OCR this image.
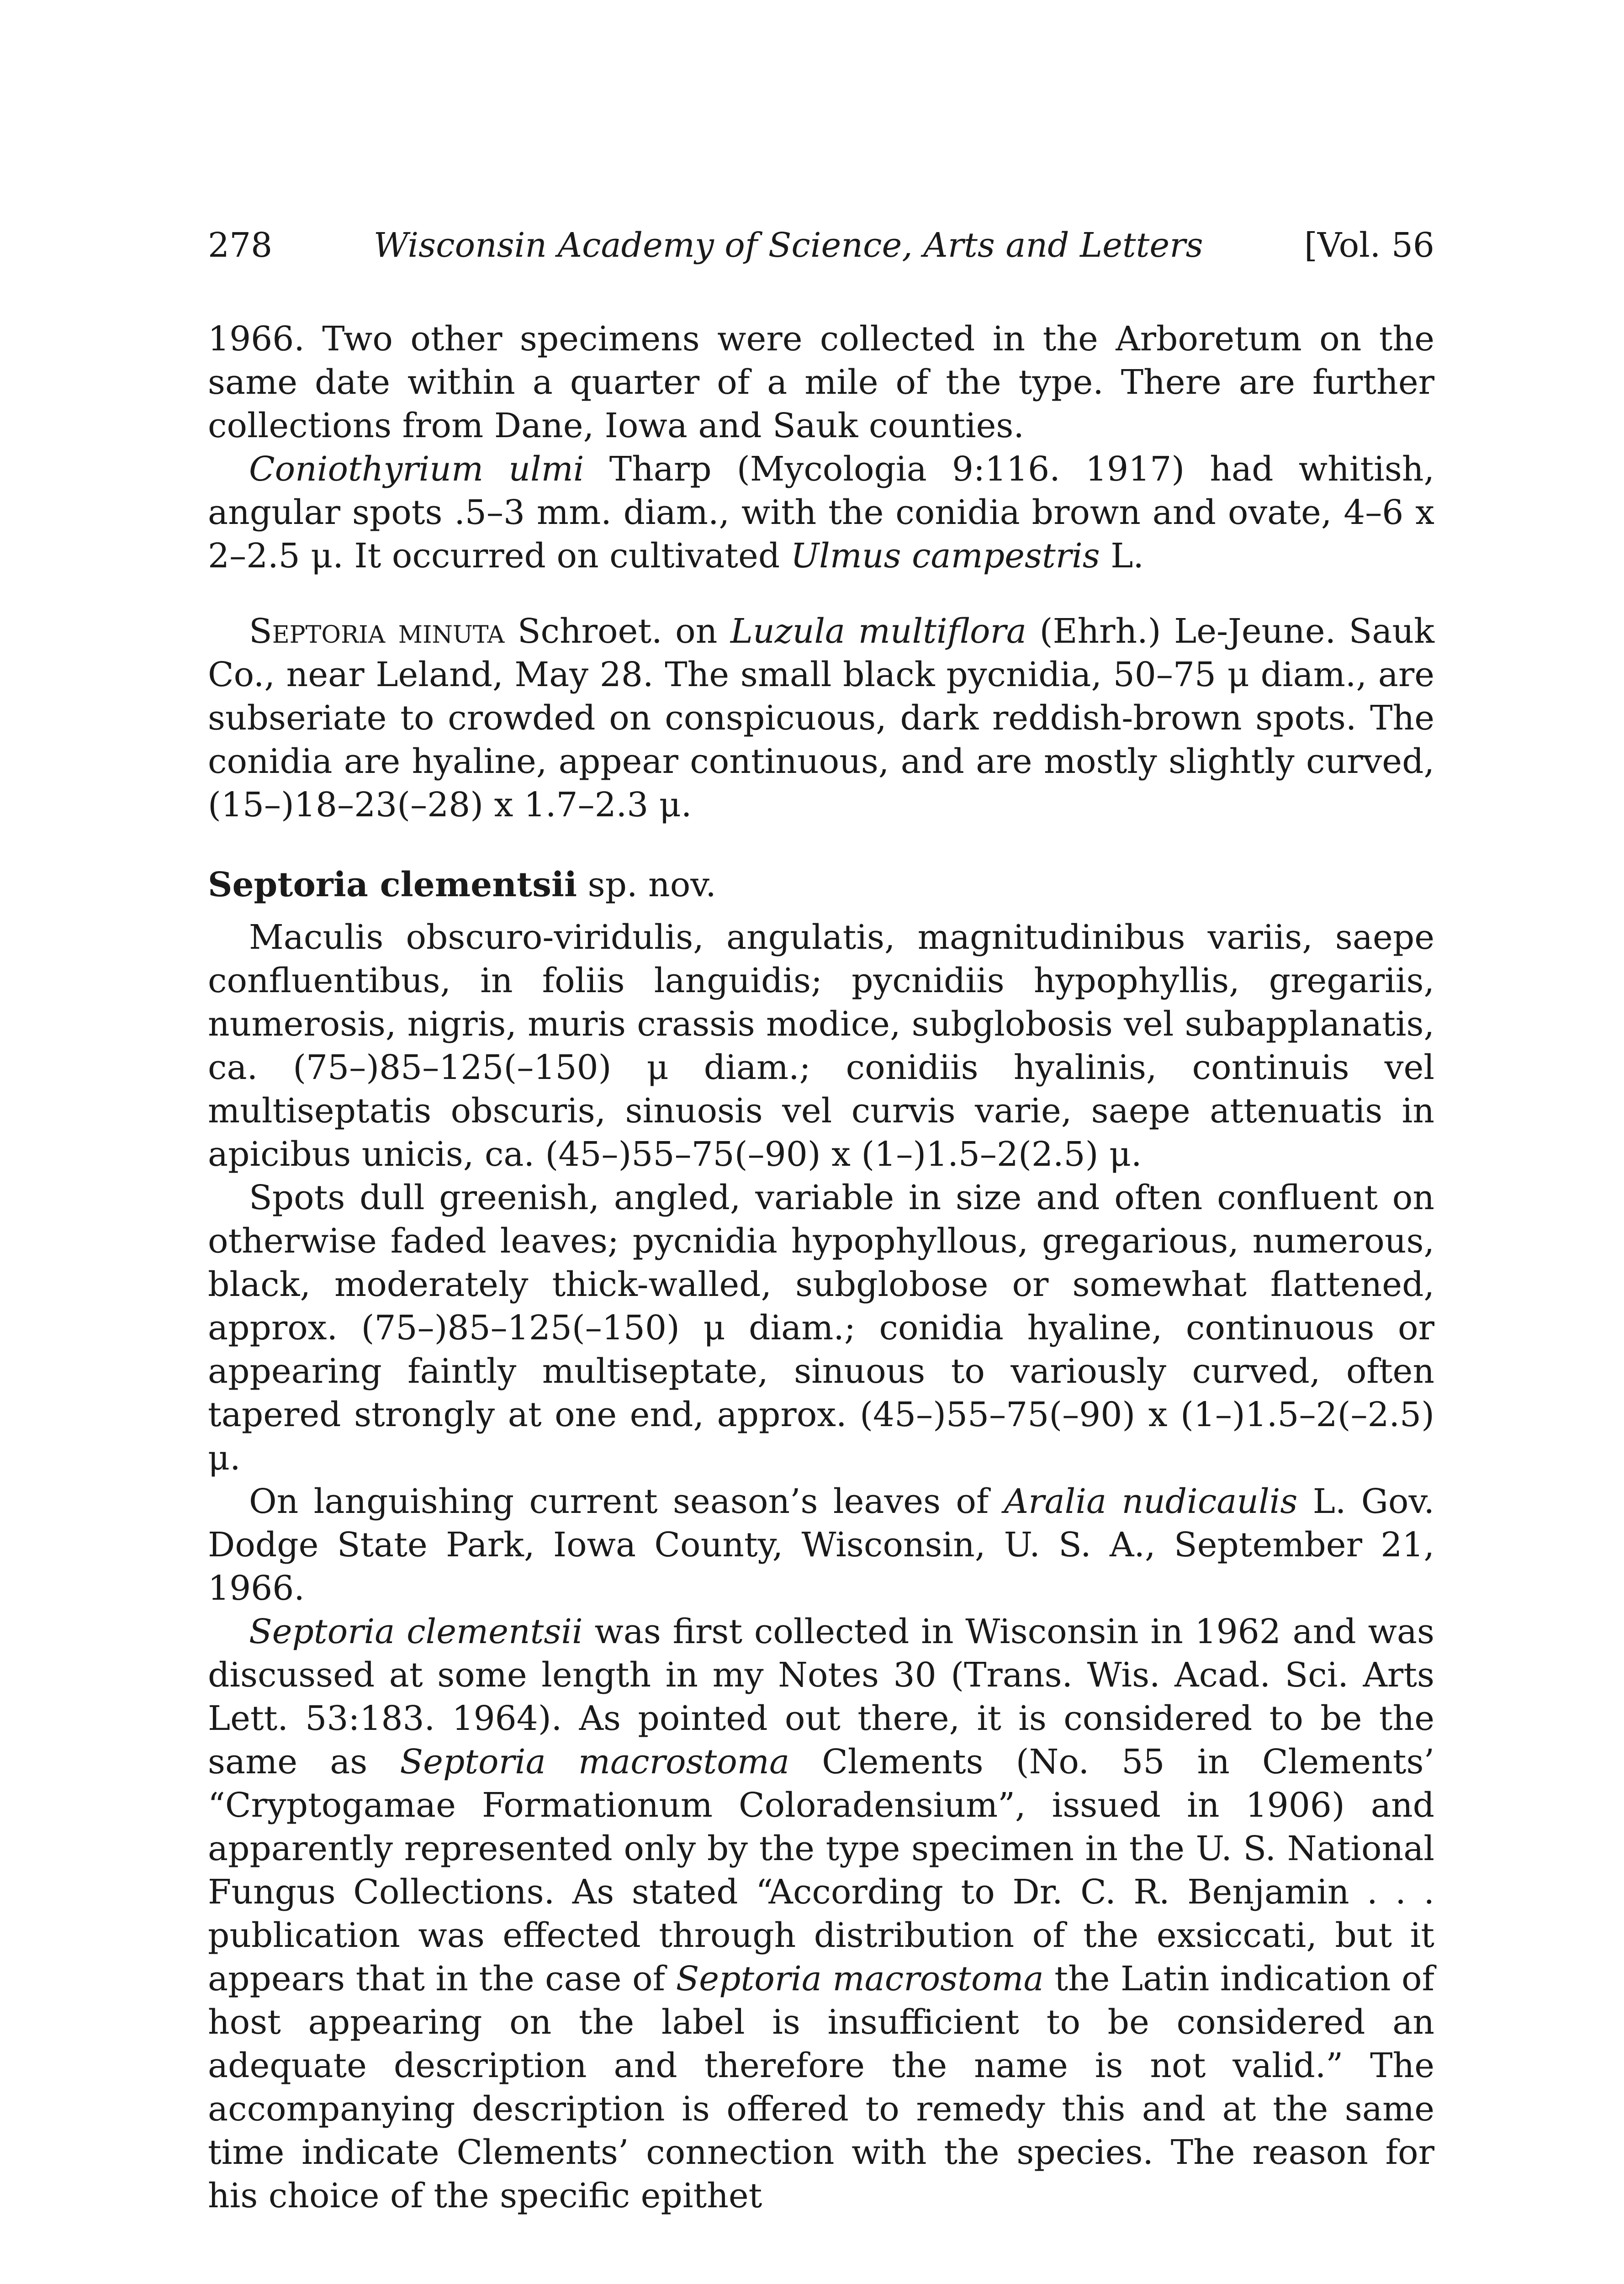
278	Wisconsin Academy of Science, Arts and Letters	[Vol. 56

1966. Two other specimens were collected in the Arboretum on the same date within a quarter of a mile of the type. There are further collections from Dane, Iowa and Sauk counties.

Coniothyrium ulmi Tharp (Mycologia 9:116. 1917) had whitish, angular spots .5–3 mm. diam., with the conidia brown and ovate, 4–6 x 2–2.5 μ. It occurred on cultivated Ulmus campestris L.

Septoria minuta Schroet. on Luzula multiflora (Ehrh.) Le-Jeune. Sauk Co., near Leland, May 28. The small black pycnidia, 50–75 μ diam., are subseriate to crowded on conspicuous, dark reddish-brown spots. The conidia are hyaline, appear continuous, and are mostly slightly curved, (15–)18–23(–28) x 1.7–2.3 μ.

Septoria clementsii sp. nov.

Maculis obscuro-viridulis, angulatis, magnitudinibus variis, saepe confluentibus, in foliis languidis; pycnidiis hypophyllis, gregariis, numerosis, nigris, muris crassis modice, subglobosis vel subapplanatis, ca. (75–)85–125(–150) μ diam.; conidiis hyalinis, continuis vel multiseptatis obscuris, sinuosis vel curvis varie, saepe attenuatis in apicibus unicis, ca. (45–)55–75(–90) x (1–)1.5–2(2.5) μ.

Spots dull greenish, angled, variable in size and often confluent on otherwise faded leaves; pycnidia hypophyllous, gregarious, numerous, black, moderately thick-walled, subglobose or somewhat flattened, approx. (75–)85–125(–150) μ diam.; conidia hyaline, continuous or appearing faintly multiseptate, sinuous to variously curved, often tapered strongly at one end, approx. (45–)55–75(–90) x (1–)1.5–2(–2.5) μ.

On languishing current season’s leaves of Aralia nudicaulis L. Gov. Dodge State Park, Iowa County, Wisconsin, U. S. A., September 21, 1966.

Septoria clementsii was first collected in Wisconsin in 1962 and was discussed at some length in my Notes 30 (Trans. Wis. Acad. Sci. Arts Lett. 53:183. 1964). As pointed out there, it is considered to be the same as Septoria macrostoma Clements (No. 55 in Clements’ “Cryptogamae Formationum Coloradensium”, issued in 1906) and apparently represented only by the type specimen in the U. S. National Fungus Collections. As stated “According to Dr. C. R. Benjamin . . . publication was effected through distribution of the exsiccati, but it appears that in the case of Septoria macrostoma the Latin indication of host appearing on the label is insufficient to be considered an adequate description and therefore the name is not valid.” The accompanying description is offered to remedy this and at the same time indicate Clements’ connection with the species. The reason for his choice of the specific epithet
